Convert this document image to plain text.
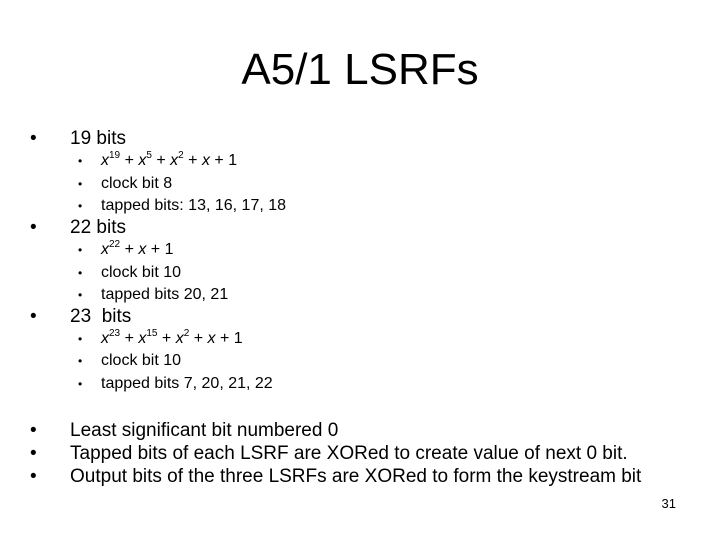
A5/1 LSRFs
• 19 bits
• $x^{19} + x^5 + x^2 + x + 1$
• clock bit 8
• tapped bits: 13, 16, 17, 18
• 22 bits
• $x^{22} + x + 1$
• clock bit 10
• tapped bits 20, 21
• 23  bits
• $x^{23} + x^{15} + x^2 + x + 1$
• clock bit 10
• tapped bits 7, 20, 21, 22
• Least significant bit numbered 0
• Tapped bits of each LSRF are XORed to create value of next 0 bit.
• Output bits of the three LSRFs are XORed to form the keystream bit
31
